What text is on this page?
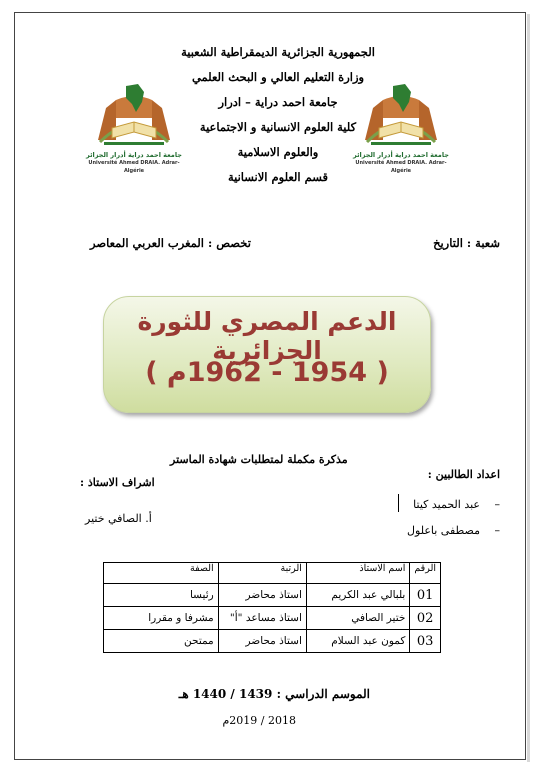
الجمهورية الجزائرية الديمقراطية الشعبية
وزارة التعليم العالي و البحث العلمي
جامعة احمد دراية – ادرار
كلية العلوم الانسانية و الاجتماعية
والعلوم الاسلامية
قسم العلوم الانسانية
جامعة احمد دراية أدرار الجزائر
Université Ahmed DRAIA. Adrar-Algérie
جامعة احمد دراية أدرار الجزائر
Université Ahmed DRAIA. Adrar-Algérie
شعبة : التاريخ
تخصص : المغرب العربي المعاصر
الدعم المصري للثورة الجزائرية
( 1954 - 1962م )
مذكرة مكملة لمتطلبات شهادة الماستر
اعداد الطالبين :
اشراف الاستاذ :
أ. الصافي ختير
–عبد الحميد كيتا
–مصطفى باعلول
الرقم	اسم الاستاذ	الرتبة	الصفة
01	بلبالي عبد الكريم	استاذ محاضر	رئيسا
02	ختير الصافي	استاذ مساعد "أ"	مشرفا و مقررا
03	كمون عبد السلام	استاذ محاضر	ممتحن
الموسم الدراسي : 1439 / 1440 هـ
2018 / 2019م
